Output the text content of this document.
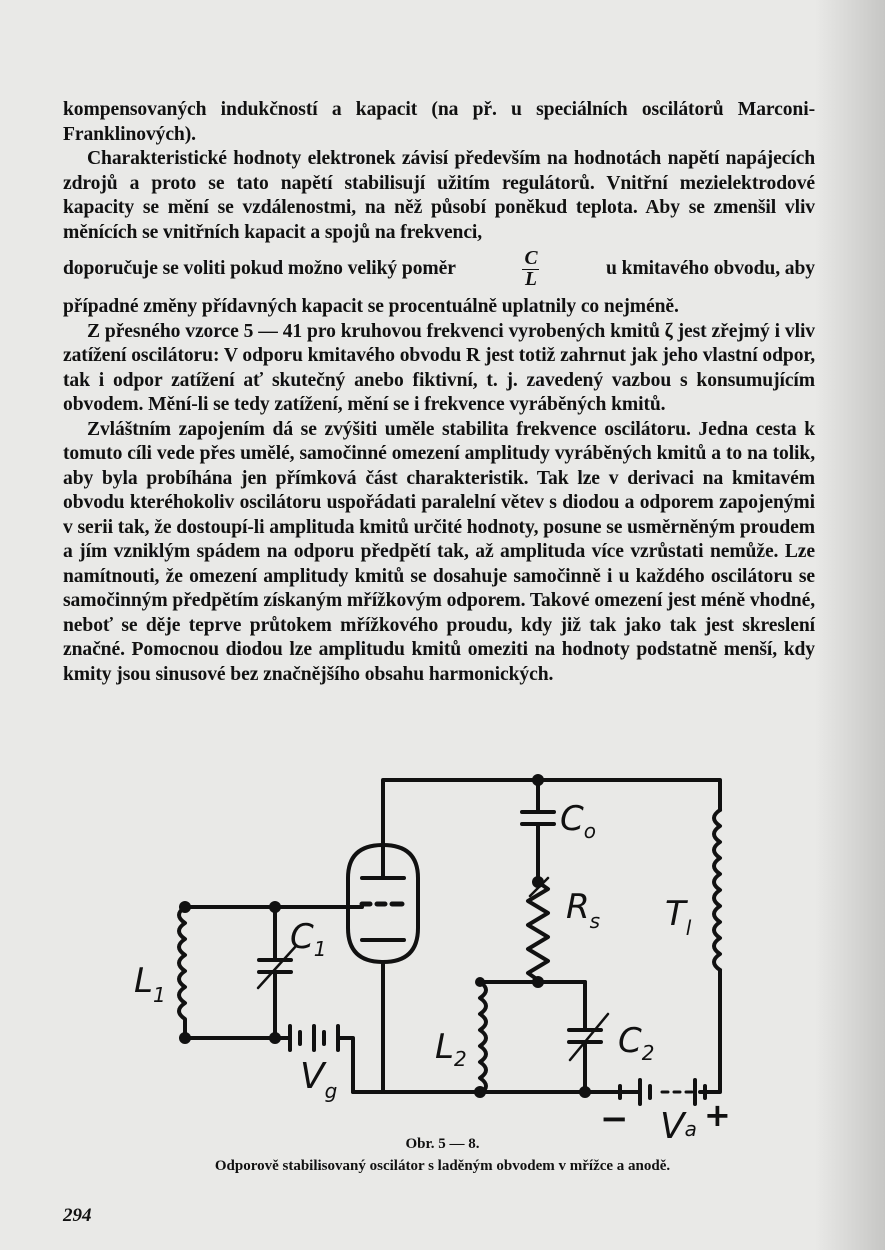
kompensovaných indukčností a kapacit (na př. u speciálních oscilátorů Marconi-Franklinových).

Charakteristické hodnoty elektronek závisí především na hodnotách napětí napájecích zdrojů a proto se tato napětí stabilisují užitím regulátorů. Vnitřní mezielektrodové kapacity se mění se vzdálenostmi, na něž působí poněkud teplota. Aby se zmenšil vliv měnících se vnitřních kapacit a spojů na frekvenci,

doporučuje se voliti pokud možno veliký poměr	$\frac{C}{L}$	u kmitavého obvodu, aby

případné změny přídavných kapacit se procentuálně uplatnily co nejméně.

Z přesného vzorce 5 — 41 pro kruhovou frekvenci vyrobených kmitů ζ jest zřejmý i vliv zatížení oscilátoru: V odporu kmitavého obvodu R jest totiž zahrnut jak jeho vlastní odpor, tak i odpor zatížení ať skutečný anebo fiktivní, t. j. zavedený vazbou s konsumujícím obvodem. Mění-li se tedy zatížení, mění se i frekvence vyráběných kmitů.

Zvláštním zapojením dá se zvýšiti uměle stabilita frekvence oscilátoru. Jedna cesta k tomuto cíli vede přes umělé, samočinné omezení amplitudy vyráběných kmitů a to na tolik, aby byla probíhána jen přímková část charakteristik. Tak lze v derivaci na kmitavém obvodu kteréhokoliv oscilátoru uspořádati paralelní větev s diodou a odporem zapojenými v serii tak, že dostoupí-li amplituda kmitů určité hodnoty, posune se usměrněným proudem a jím vzniklým spádem na odporu předpětí tak, až amplituda více vzrůstati nemůže. Lze namítnouti, že omezení amplitudy kmitů se dosahuje samočinně i u každého oscilátoru se samočinným předpětím získaným mřížkovým odporem. Takové omezení jest méně vhodné, neboť se děje teprve průtokem mřížkového proudu, kdy již tak jako tak jest skreslení značné. Pomocnou diodou lze amplitudu kmitů omeziti na hodnoty podstatně menší, kdy kmity jsou sinusové bez značnějšího obsahu harmonických.

$C_o$
$R_s$ $T_l$
$L_1$
$C_1$
$L_2$	$C_2$
$V_g$
Va
− +
Obr. 5 — 8.
Odporově stabilisovaný oscilátor s laděným obvodem v mřížce a anodě.
294
